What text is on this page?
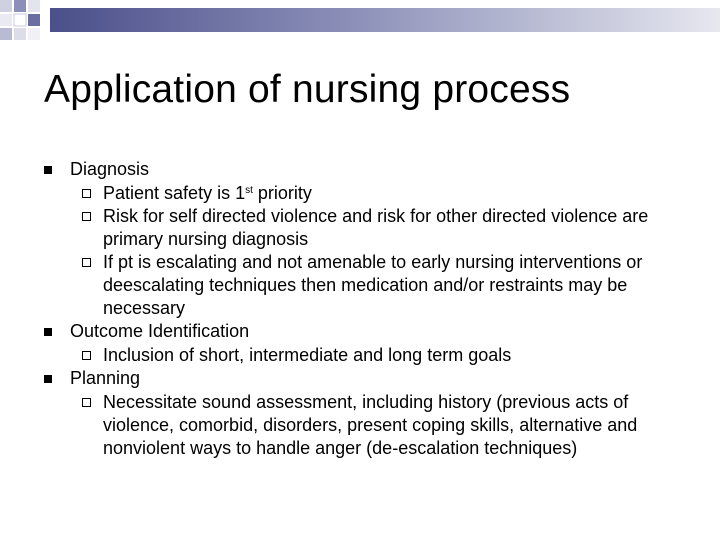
Application of nursing process
Diagnosis
Patient safety is 1st priority
Risk for self directed violence and risk for other directed violence are primary nursing diagnosis
If pt is escalating and not amenable to early nursing interventions or deescalating techniques then medication and/or restraints may be necessary
Outcome Identification
Inclusion of short, intermediate and long term goals
Planning
Necessitate sound assessment, including history (previous acts of violence, comorbid, disorders, present coping skills, alternative and nonviolent ways to handle anger (de-escalation techniques)
